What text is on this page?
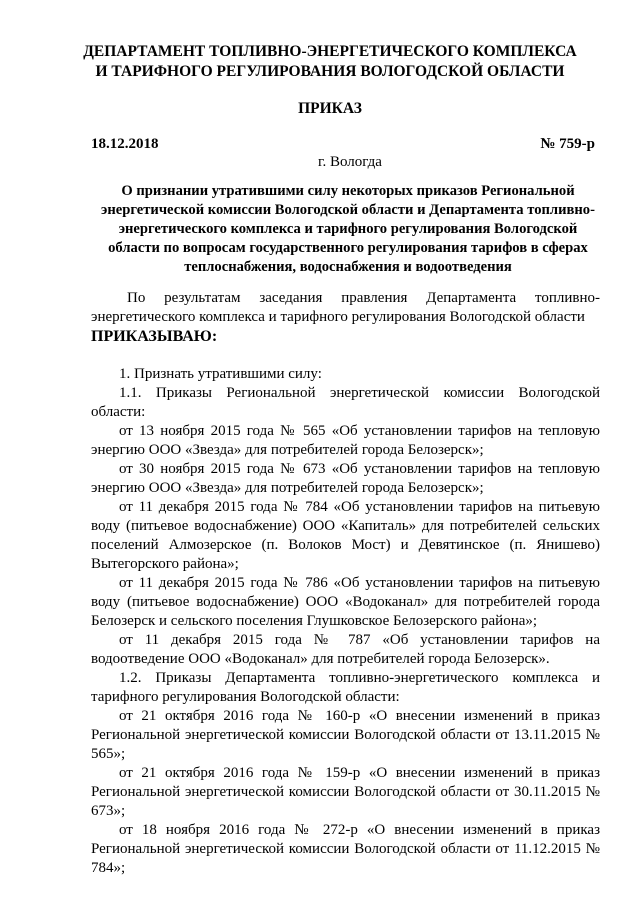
ДЕПАРТАМЕНТ ТОПЛИВНО-ЭНЕРГЕТИЧЕСКОГО КОМПЛЕКСА
И ТАРИФНОГО РЕГУЛИРОВАНИЯ ВОЛОГОДСКОЙ ОБЛАСТИ
ПРИКАЗ
18.12.2018	№ 759-р
г. Вологда
О признании утратившими силу некоторых приказов Региональной энергетической комиссии Вологодской области и Департамента топливно-энергетического комплекса и тарифного регулирования Вологодской области по вопросам государственного регулирования тарифов в сферах теплоснабжения, водоснабжения и водоотведения

По результатам заседания правления Департамента топливно-энергетического комплекса и тарифного регулирования Вологодской области

ПРИКАЗЫВАЮ:

1. Признать утратившими силу:

1.1. Приказы Региональной энергетической комиссии Вологодской области:

от 13 ноября 2015 года № 565 «Об установлении тарифов на тепловую энергию ООО «Звезда» для потребителей города Белозерск»;

от 30 ноября 2015 года № 673 «Об установлении тарифов на тепловую энергию ООО «Звезда» для потребителей города Белозерск»;

от 11 декабря 2015 года № 784 «Об установлении тарифов на питьевую воду (питьевое водоснабжение) ООО «Капиталь» для потребителей сельских поселений Алмозерское (п. Волоков Мост) и Девятинское (п. Янишево) Вытегорского района»;

от 11 декабря 2015 года № 786 «Об установлении тарифов на питьевую воду (питьевое водоснабжение) ООО «Водоканал» для потребителей города Белозерск и сельского поселения Глушковское Белозерского района»;

от 11 декабря 2015 года № 787 «Об установлении тарифов на водоотведение ООО «Водоканал» для потребителей города Белозерск».

1.2. Приказы Департамента топливно-энергетического комплекса и тарифного регулирования Вологодской области:

от 21 октября 2016 года № 160-р «О внесении изменений в приказ Региональной энергетической комиссии Вологодской области от 13.11.2015 № 565»;

от 21 октября 2016 года № 159-р «О внесении изменений в приказ Региональной энергетической комиссии Вологодской области от 30.11.2015 № 673»;

от 18 ноября 2016 года № 272-р «О внесении изменений в приказ Региональной энергетической комиссии Вологодской области от 11.12.2015 № 784»;
